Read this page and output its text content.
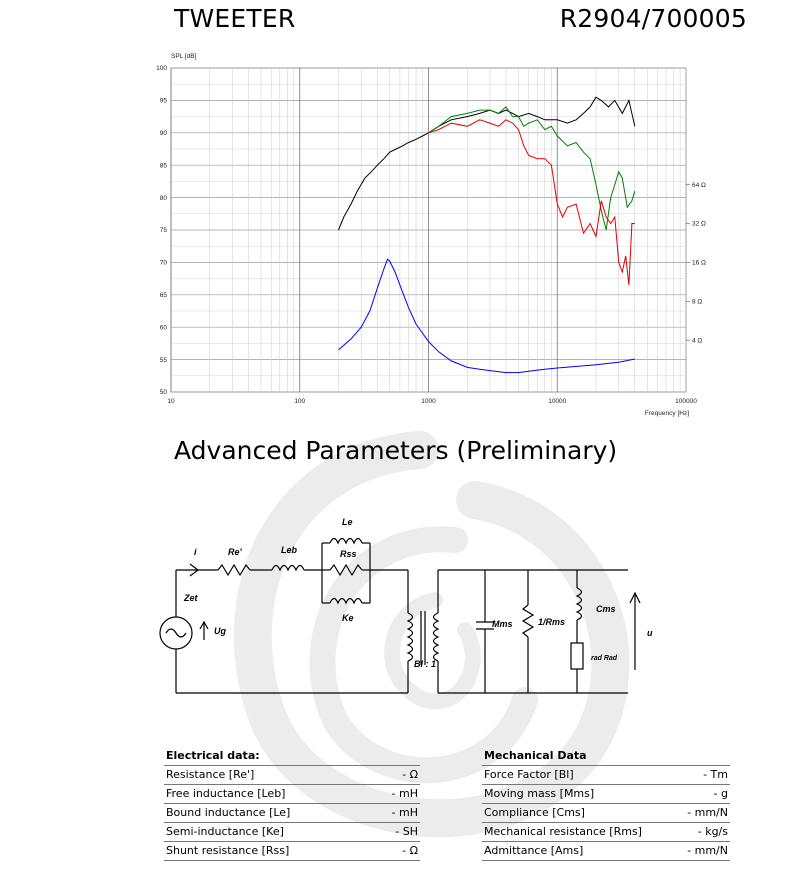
TWEETER	R2904/700005
100
95
90
85
80
75
70
65
60
55
50
10	100	1000	10000	100000
64 Ω
32 Ω
16 Ω
8 Ω
4 Ω
SPL [dB]
Frequency [Hz]
Advanced Parameters (Preliminary)
i	Re'	Leb
Le
Rss
Ke
Zet
Ug
Bl : 1
Mms	1/Rms
Cms
rad Rad
u
Electrical data:
Resistance [Re']	- Ω
Free inductance [Leb]	- mH
Bound inductance [Le]	- mH
Semi-inductance [Ke]	- SH
Shunt resistance [Rss]	- Ω
Mechanical Data
Force Factor [Bl]	- Tm
Moving mass [Mms]	- g
Compliance [Cms]	- mm/N
Mechanical resistance [Rms]	- kg/s
Admittance [Ams]	- mm/N
